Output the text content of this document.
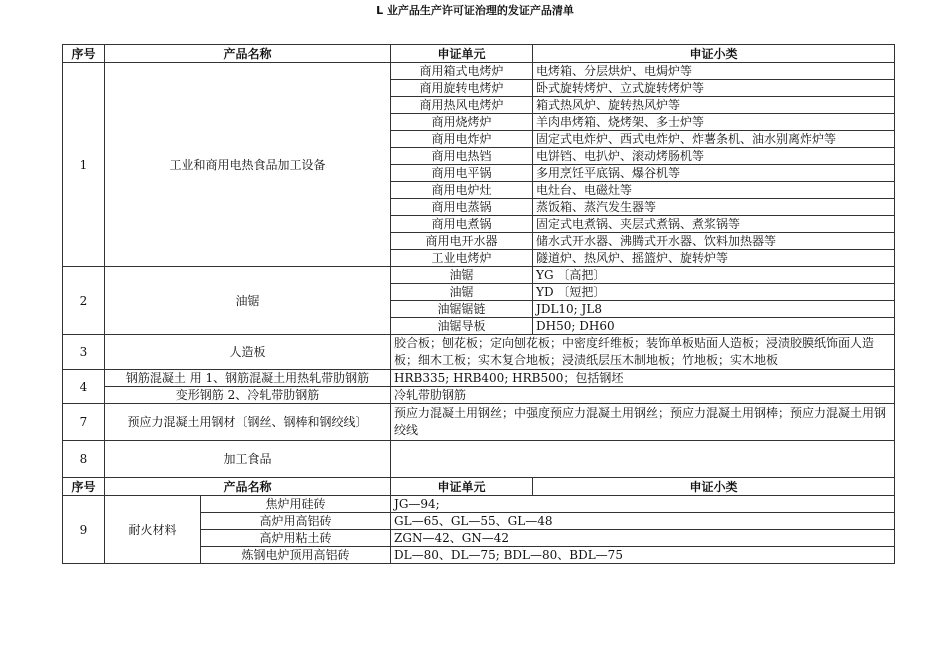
L 业产品生产许可证治理的发证产品清单
序号	产品名称		申证单元	申证小类
1	工业和商用电热食品加工设备		商用箱式电烤炉	电烤箱、分层烘炉、电焗炉等
			商用旋转电烤炉	卧式旋转烤炉、立式旋转烤炉等
			商用热风电烤炉	箱式热风炉、旋转热风炉等
			商用烧烤炉	羊肉串烤箱、烧烤架、多士炉等
			商用电炸炉	固定式电炸炉、西式电炸炉、炸薯条机、油水别离炸炉等
			商用电热铛	电饼铛、电扒炉、滚动烤肠机等
			商用电平锅	多用烹饪平底锅、爆谷机等
			商用电炉灶	电灶台、电磁灶等
			商用电蒸锅	蒸饭箱、蒸汽发生器等
			商用电煮锅	固定式电煮锅、夹层式煮锅、煮浆锅等
			商用电开水器	储水式开水器、沸腾式开水器、饮料加热器等
			工业电烤炉	隧道炉、热风炉、摇篮炉、旋转炉等
2	油锯		油锯	YG 〔高把〕
			油锯	YD 〔短把〕
			油锯锯链	JDL10; JL8
			油锯导板	DH50; DH60
3	人造板		胶合板；刨花板；定向刨花板；中密度纤维板；装饰单板贴面人造板；浸渍胶膜纸饰面人造板；细木工板；实木复合地板；浸渍纸层压木制地板；竹地板；实木地板	
4	钢筋混凝土 用 1、钢筋混凝土用热轧带肋钢筋		HRB335; HRB400; HRB500；包括钢坯	
	变形钢筋 2、冷轧带肋钢筋		冷轧带肋钢筋	
7	预应力混凝土用钢材〔钢丝、钢棒和钢绞线〕		预应力混凝土用钢丝；中强度预应力混凝土用钢丝；预应力混凝土用钢棒；预应力混凝土用钢绞线	
8	加工食品			
序号	产品名称		申证单元	申证小类
9	耐火材料	焦炉用硅砖	JG—94;	
		高炉用高铝砖	GL—65、GL—55、GL—48	
		高炉用粘土砖	ZGN—42、GN—42	
		炼钢电炉顶用高铝砖	DL—80、DL—75; BDL—80、BDL—75	
